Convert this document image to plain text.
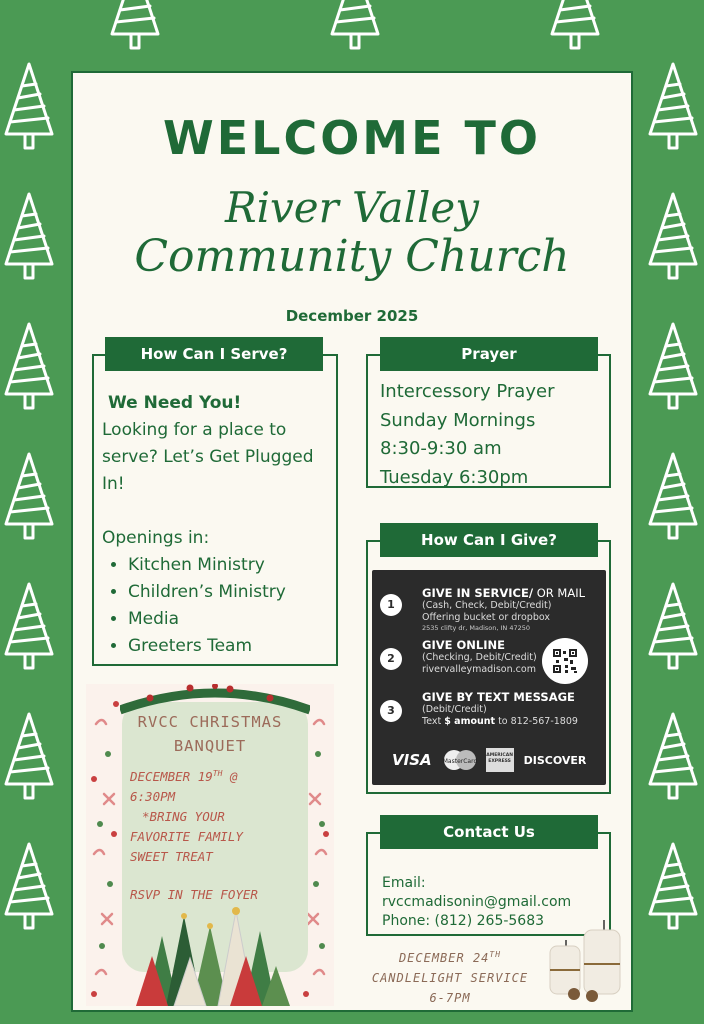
WELCOME TO
River Valley
Community Church
December 2025
We Need You!
Looking for a place to serve? Let’s Get Plugged In!
Openings in:
• Kitchen Ministry
• Children’s Ministry
• Media
• Greeters Team
How Can I Serve?
Intercessory Prayer
Sunday Mornings
8:30-9:30 am
Tuesday 6:30pm
Prayer
How Can I Give?
1
GIVE IN SERVICE/ OR MAIL
(Cash, Check, Debit/Credit)
Offering bucket or dropbox
2535 clifty dr, Madison, IN 47250
2
GIVE ONLINE
(Checking, Debit/Credit)
rivervalleymadison.com
3
GIVE BY TEXT MESSAGE
(Debit/Credit)
Text $ amount to 812-567-1809
VISA MasterCard
AMERICAN EXPRESS DISCOVER
Email:
rvccmadisonin@gmail.com
Phone: (812) 265-5683
Contact Us
RVCC CHRISTMAS
BANQUET
DECEMBER 19TH @
6:30PM
*BRING YOUR
FAVORITE FAMILY
SWEET TREAT
RSVP IN THE FOYER
DECEMBER 24TH
CANDLELIGHT SERVICE
6-7PM
